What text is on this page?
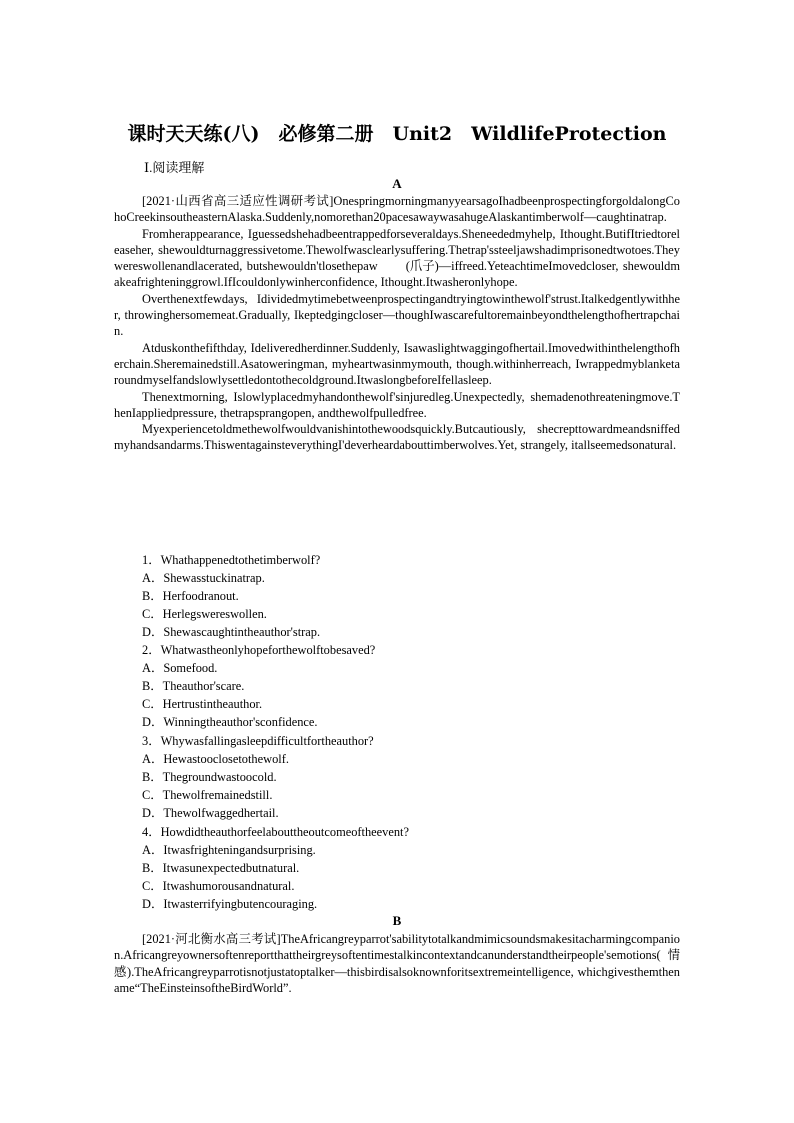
课时天天练(八)　必修第二册　Unit2　WildlifeProtection
Ⅰ.阅读理解
A

[2021·山西省高三适应性调研考试]OnespringmorningmanyyearsagoIhadbeenprospectingforgoldalongCohoCreekinsoutheasternAlaska.Suddenly,nomorethan20pacesawaywasahugeAlaskantimberwolf—caughtinatrap.

Fromherappearance, Iguessedshehadbeentrappedforseveraldays.Sheneededmyhelp, Ithought.ButifItriedtoreleaseher, shewouldturnaggressivetome.Thewolfwasclearlysuffering.Thetrap'ssteeljawshadimprisonedtwotoes.Theywereswollenandlacerated, butshewouldn'tlosethepaw (爪子)—iffreed.YeteachtimeImovedcloser, shewouldmakeafrighteninggrowl.IfIcouldonlywinherconfidence, Ithought.Itwasheronlyhope.

Overthenextfewdays, Idividedmytimebetweenprospectingandtryingtowinthewolf'strust.Italkedgentlywithher, throwinghersomemeat.Gradually, Ikeptedgingcloser—thoughIwascarefultoremainbeyondthelengthofhertrapchain.

Atduskonthefifthday, Ideliveredherdinner.Suddenly, Isawaslightwaggingofhertail.Imovedwithinthelengthofherchain.Sheremainedstill.Asatoweringman, myheartwasinmymouth, though.withinherreach, Iwrappedmyblanketaroundmyselfandslowlysettledontothecoldground.ItwaslongbeforeIfellasleep.

Thenextmorning, Islowlyplacedmyhandonthewolf'sinjuredleg.Unexpectedly, shemadenothreateningmove.ThenIappliedpressure, thetrapsprangopen, andthewolfpulledfree.

Myexperiencetoldmethewolfwouldvanishintothewoodsquickly.Butcautiously, shecrepttowardmeandsniffedmyhandsandarms.ThiswentagainsteverythingI'deverheardabouttimberwolves.Yet, strangely, itallseemedsonatural.

1．Whathappenedtothetimberwolf?
A．Shewasstuckinatrap.
B．Herfoodranout.
C．Herlegswereswollen.
D．Shewascaughtintheauthor'strap.
2．Whatwastheonlyhopeforthewolftobesaved?
A．Somefood.
B．Theauthor'scare.
C．Hertrustintheauthor.
D．Winningtheauthor'sconfidence.
3．Whywasfallingasleepdifficultfortheauthor?
A．Hewastooclosetothewolf.
B．Thegroundwastoocold.
C．Thewolfremainedstill.
D．Thewolfwaggedhertail.
4．Howdidtheauthorfeelabouttheoutcomeoftheevent?
A．Itwasfrighteningandsurprising.
B．Itwasunexpectedbutnatural.
C．Itwashumorousandnatural.
D．Itwasterrifyingbutencouraging.
B

[2021·河北衡水高三考试]TheAfricangreyparrot'sabilitytotalkandmimicsoundsmakesitacharmingcompanion.Africangreyownersoftenreportthattheirgreysoftentimestalkincontextandcanunderstandtheirpeople'semotions(情感).TheAfricangreyparrotisnotjustatoptalker—thisbirdisalsoknownforitsextremeintelligence, whichgivesthemthename“TheEinsteinsoftheBirdWorld”.
